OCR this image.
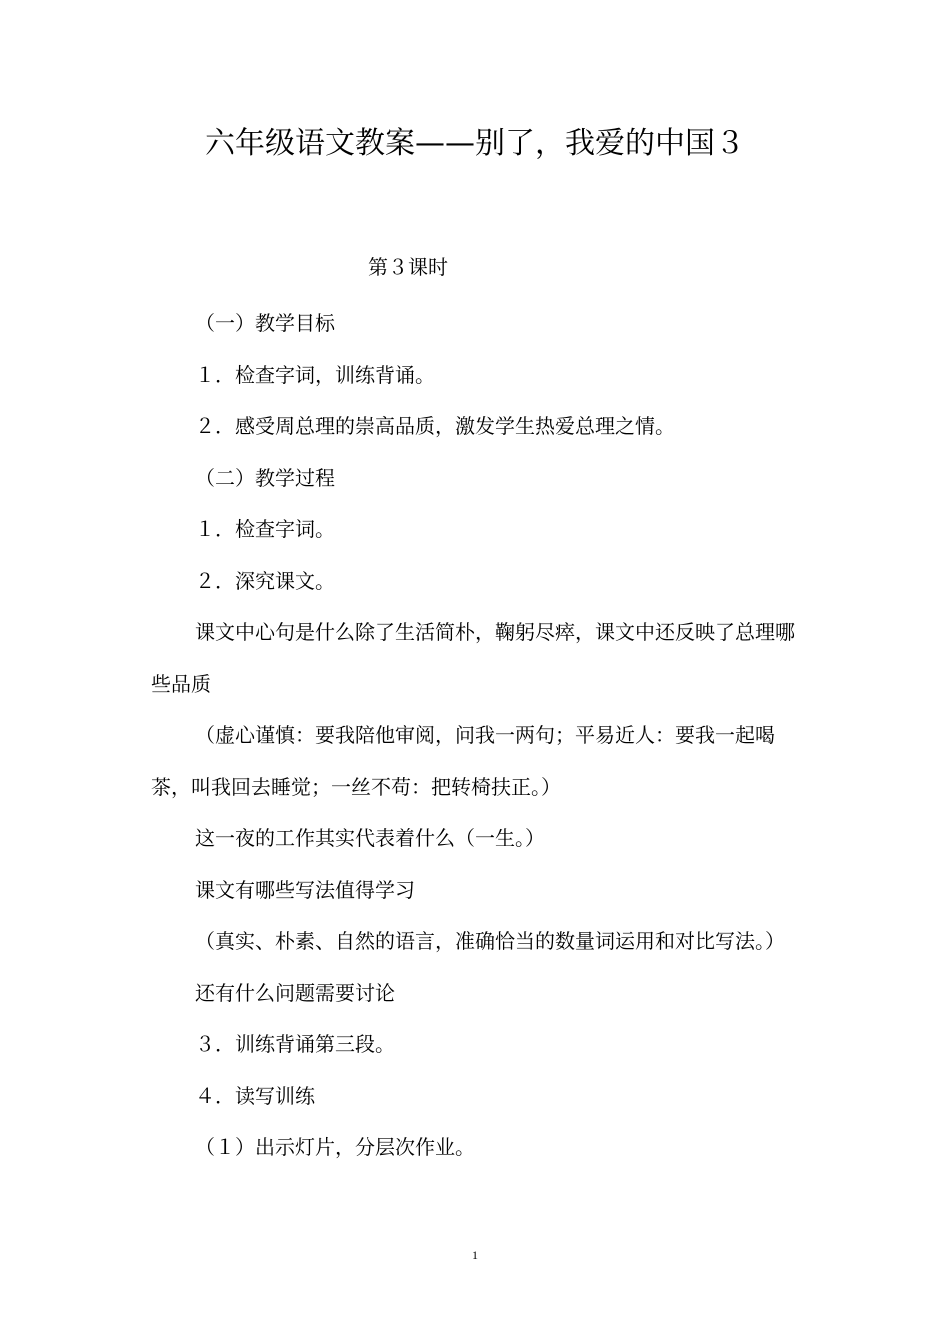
六年级语文教案——别了，我爱的中国３
第３课时

（一）教学目标

１．检查字词，训练背诵。

２．感受周总理的崇高品质，激发学生热爱总理之情。

（二）教学过程

１．检查字词。

２．深究课文。

课文中心句是什么除了生活简朴，鞠躬尽瘁，课文中还反映了总理哪些品质

（虚心谨慎：要我陪他审阅，问我一两句；平易近人：要我一起喝茶，叫我回去睡觉；一丝不苟：把转椅扶正。）

这一夜的工作其实代表着什么（一生。）

课文有哪些写法值得学习

（真实、朴素、自然的语言，准确恰当的数量词运用和对比写法。）

还有什么问题需要讨论

３．训练背诵第三段。

４．读写训练

（１）出示灯片，分层次作业。

1
